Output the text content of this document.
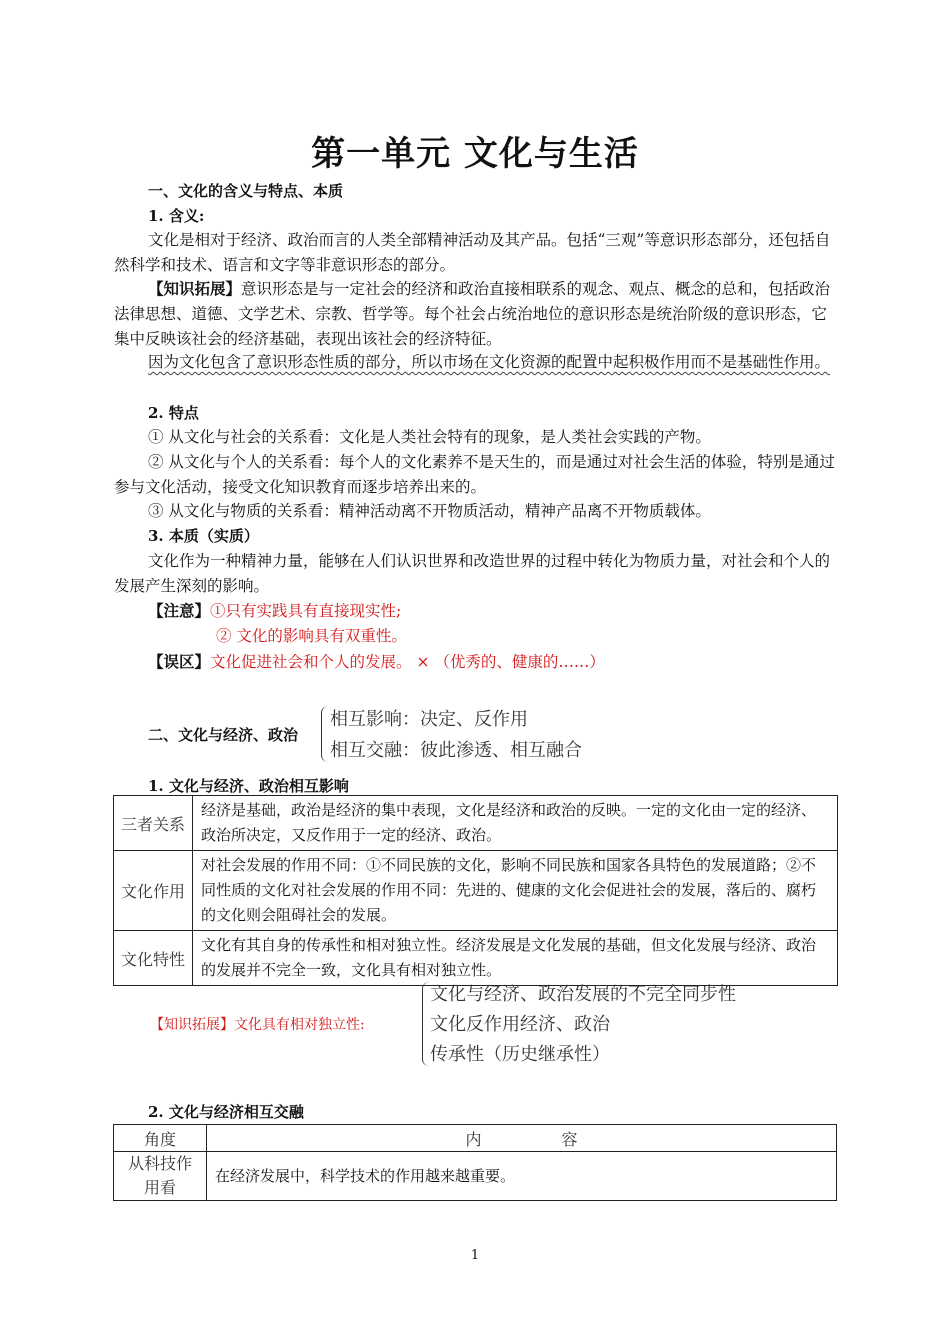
第一单元 文化与生活
一、文化的含义与特点、本质
1. 含义:
文化是相对于经济、政治而言的人类全部精神活动及其产品。包括“三观”等意识形态部分，还包括自然科学和技术、语言和文字等非意识形态的部分。
【知识拓展】意识形态是与一定社会的经济和政治直接相联系的观念、观点、概念的总和，包括政治法律思想、道德、文学艺术、宗教、哲学等。每个社会占统治地位的意识形态是统治阶级的意识形态，它集中反映该社会的经济基础，表现出该社会的经济特征。
因为文化包含了意识形态性质的部分，所以市场在文化资源的配置中起积极作用而不是基础性作用。
2. 特点
① 从文化与社会的关系看：文化是人类社会特有的现象，是人类社会实践的产物。
② 从文化与个人的关系看：每个人的文化素养不是天生的，而是通过对社会生活的体验，特别是通过参与文化活动，接受文化知识教育而逐步培养出来的。
③ 从文化与物质的关系看：精神活动离不开物质活动，精神产品离不开物质载体。
3. 本质（实质）
文化作为一种精神力量，能够在人们认识世界和改造世界的过程中转化为物质力量，对社会和个人的发展产生深刻的影响。
【注意】①只有实践具有直接现实性;
② 文化的影响具有双重性。
【误区】文化促进社会和个人的发展。 × （优秀的、健康的……）
二、文化与经济、政治
相互影响：决定、反作用
相互交融：彼此渗透、相互融合
1. 文化与经济、政治相互影响
三者关系	经济是基础，政治是经济的集中表现，文化是经济和政治的反映。一定的文化由一定的经济、政治所决定，又反作用于一定的经济、政治。
文化作用	对社会发展的作用不同：①不同民族的文化，影响不同民族和国家各具特色的发展道路；②不同性质的文化对社会发展的作用不同：先进的、健康的文化会促进社会的发展，落后的、腐朽的文化则会阻碍社会的发展。
文化特性	文化有其自身的传承性和相对独立性。经济发展是文化发展的基础，但文化发展与经济、政治的发展并不完全一致，文化具有相对独立性。
【知识拓展】文化具有相对独立性:
文化与经济、政治发展的不完全同步性
文化反作用经济、政治
传承性（历史继承性）
2. 文化与经济相互交融
角度	内　　　　　容
从科技作用看	在经济发展中，科学技术的作用越来越重要。
1
